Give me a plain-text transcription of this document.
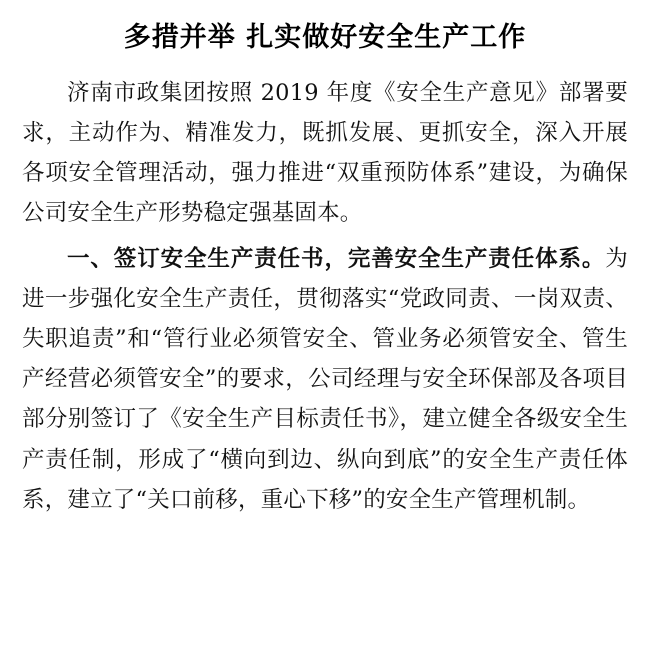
多措并举 扎实做好安全生产工作

济南市政集团按照 2019 年度《安全生产意见》部署要求，主动作为、精准发力，既抓发展、更抓安全，深入开展各项安全管理活动，强力推进“双重预防体系”建设，为确保公司安全生产形势稳定强基固本。

一、签订安全生产责任书，完善安全生产责任体系。为进一步强化安全生产责任，贯彻落实“党政同责、一岗双责、失职追责”和“管行业必须管安全、管业务必须管安全、管生产经营必须管安全”的要求，公司经理与安全环保部及各项目部分别签订了《安全生产目标责任书》，建立健全各级安全生产责任制，形成了“横向到边、纵向到底”的安全生产责任体系，建立了“关口前移，重心下移”的安全生产管理机制。
